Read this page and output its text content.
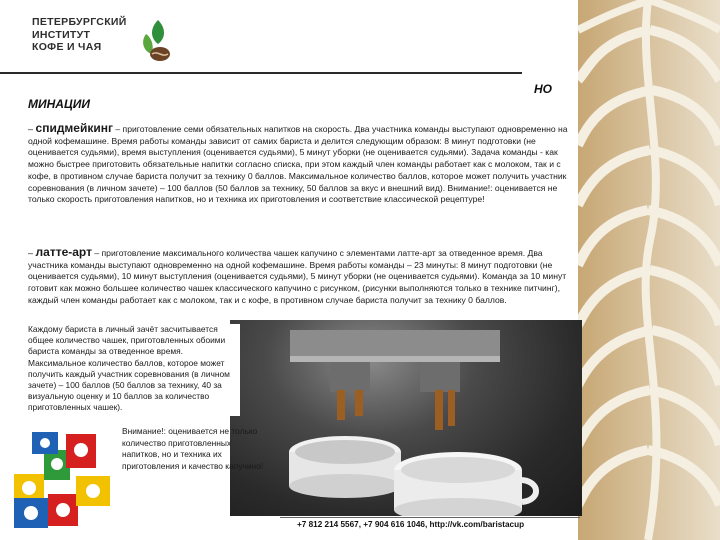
ПЕТЕРБУРГСКИЙ
ИНСТИТУТ
КОФЕ И ЧАЯ
НО
МИНАЦИИ
– спидмейкинг – приготовление семи обязательных напитков на скорость. Два участника команды выступают одновременно на одной кофемашине. Время работы команды зависит от самих бариста и делится следующим образом: 8 минут подготовки (не оценивается судьями), время выступления (оценивается судьями), 5 минут уборки (не оценивается судьями). Задача команды - как можно быстрее приготовить обязательные напитки согласно списка, при этом каждый член команды работает как с молоком, так и с кофе, в противном случае бариста получит за технику 0 баллов. Максимальное количество баллов, которое может получить участник соревнования (в личном зачете) – 100 баллов (50 баллов за технику, 50 баллов за вкус и внешний вид). Внимание!: оценивается не только скорость приготовления напитков, но и техника их приготовления и соответствие классической рецептуре!
– латте-арт – приготовление максимального количества чашек капучино с элементами латте-арт за отведенное время. Два участника команды выступают одновременно на одной кофемашине. Время работы команды – 23 минуты: 8 минут подготовки (не оценивается судьями), 10 минут выступления (оценивается судьями), 5 минут уборки (не оценивается судьями). Команда за 10 минут готовит как можно большее количество чашек классического капучино с рисунком, (рисунки выполняются только в технике питчинг), каждый член команды работает как с молоком, так и с кофе, в противном случае бариста получит за технику 0 баллов.
Каждому бариста в личный зачёт засчитывается общее количество чашек, приготовленных обоими бариста команды за отведенное время. Максимальное количество баллов, которое может получить каждый участник соревнования (в личном зачете) – 100 баллов (50 баллов за технику, 40 за визуальную оценку и 10 баллов за количество приготовленных чашек).
Внимание!: оценивается не только количество приготовленных напитков, но и техника их приготовления и качество капучино!
+7 812 214 5567, +7 904 616 1046, http://vk.com/baristacup
